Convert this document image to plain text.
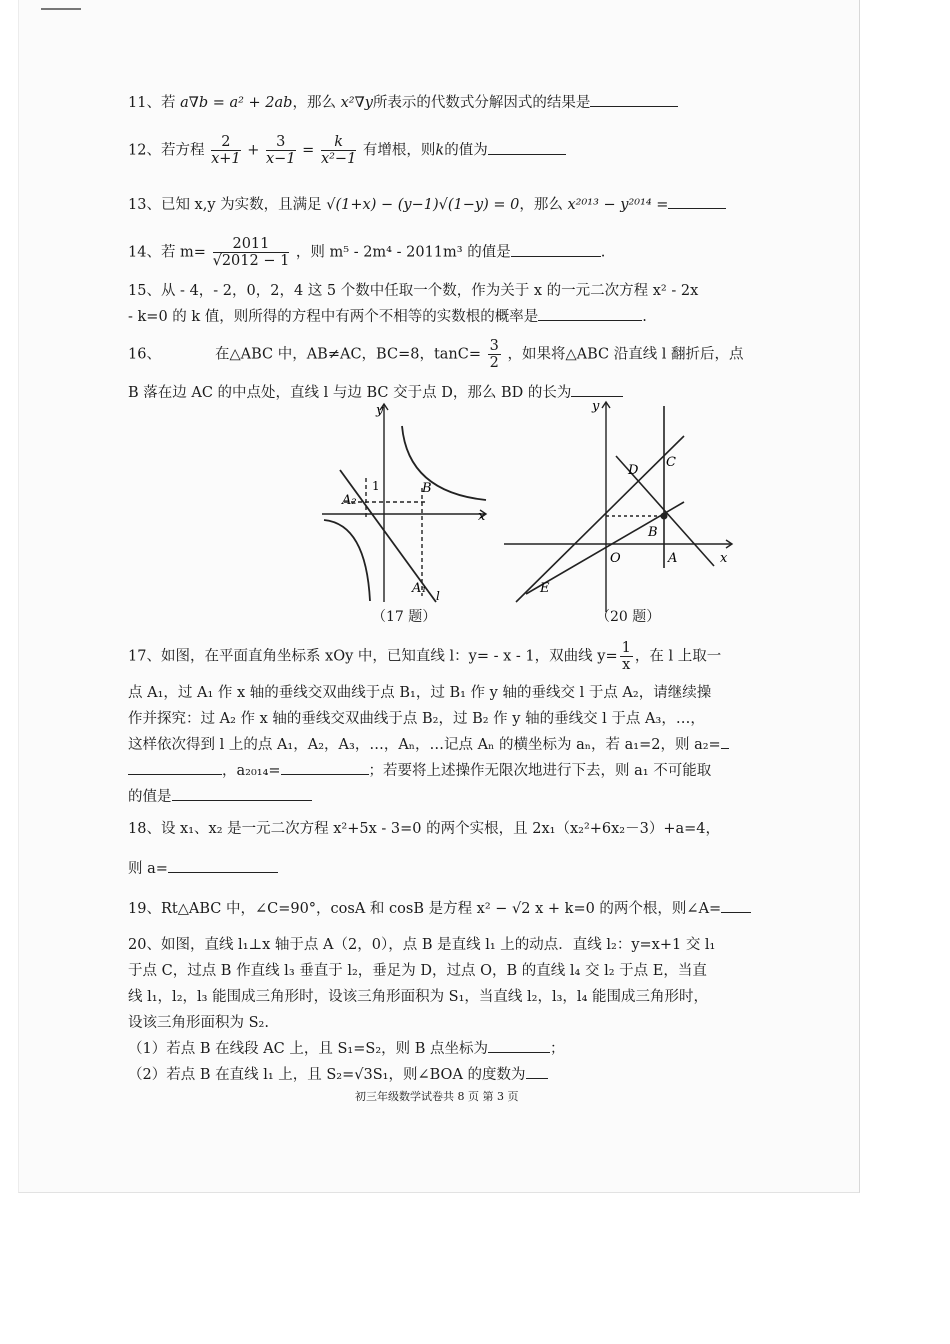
11、若 a∇b = a² + 2ab，那么 x²∇y所表示的代数式分解因式的结果是
12、若方程 $\frac{2}{x+1} + \frac{3}{x-1} = \frac{k}{\text{x²−1}}$ 有增根，则k的值为
13、已知 x,y 为实数，且满足 √(1+x) − (y−1)√(1−y) = 0，那么 x²⁰¹³ − y²⁰¹⁴ =
14、若 $m= \frac{2011}{√2012 - 1}$ ，则 m⁵ - 2m⁴ - 2011m³ 的值是	.
15、从 - 4，- 2，0，2，4 这 5 个数中任取一个数，作为关于 x 的一元二次方程 x² - 2x
- k=0 的 k 值，则所得的方程中有两个不相等的实数根的概率是	.
16、	在△ABC 中，AB≠AC，BC=8，$\tan C= \frac{3}{2}$ ，如果将△ABC 沿直线 l 翻折后，点
B 落在边 AC 的中点处，直线 l 与边 BC 交于点 D，那么 BD 的长为
y
x
A₂
1	B
A₁ l
（17 题）
y
x
D
C
B
O	A
E
（20 题）
17、如图，在平面直角坐标系 xOy 中，已知直线 l：y= - x - 1，双曲线 $y= \frac{1}{x}$ ，在 l 上取一
点 A₁，过 A₁ 作 x 轴的垂线交双曲线于点 B₁，过 B₁ 作 y 轴的垂线交 l 于点 A₂，请继续操
作并探究：过 A₂ 作 x 轴的垂线交双曲线于点 B₂，过 B₂ 作 y 轴的垂线交 l 于点 A₃，…，
这样依次得到 l 上的点 A₁，A₂，A₃，…，Aₙ，…记点 Aₙ 的横坐标为 aₙ，若 a₁=2，则 a₂=
，a₂₀₁₄=	；若要将上述操作无限次地进行下去，则 a₁ 不可能取
的值是
18、设 x₁、x₂ 是一元二次方程 x²+5x - 3=0 的两个实根，且 2x₁（x₂²+6x₂－3）+a=4，
则 a=
19、Rt△ABC 中，∠C=90°，cosA 和 cosB 是方程 x² − √2 x + k=0 的两个根，则∠A=
20、如图，直线 l₁⊥x 轴于点 A（2，0），点 B 是直线 l₁ 上的动点．直线 l₂：y=x+1 交 l₁
于点 C，过点 B 作直线 l₃ 垂直于 l₂，垂足为 D，过点 O，B 的直线 l₄ 交 l₂ 于点 E，当直
线 l₁，l₂，l₃ 能围成三角形时，设该三角形面积为 S₁，当直线 l₂，l₃，l₄ 能围成三角形时，
设该三角形面积为 S₂.
（1）若点 B 在线段 AC 上，且 S₁=S₂，则 B 点坐标为	；
（2）若点 B 在直线 l₁ 上，且 S₂=√3S₁，则∠BOA 的度数为
初三年级数学试卷共 8 页 第 3 页
